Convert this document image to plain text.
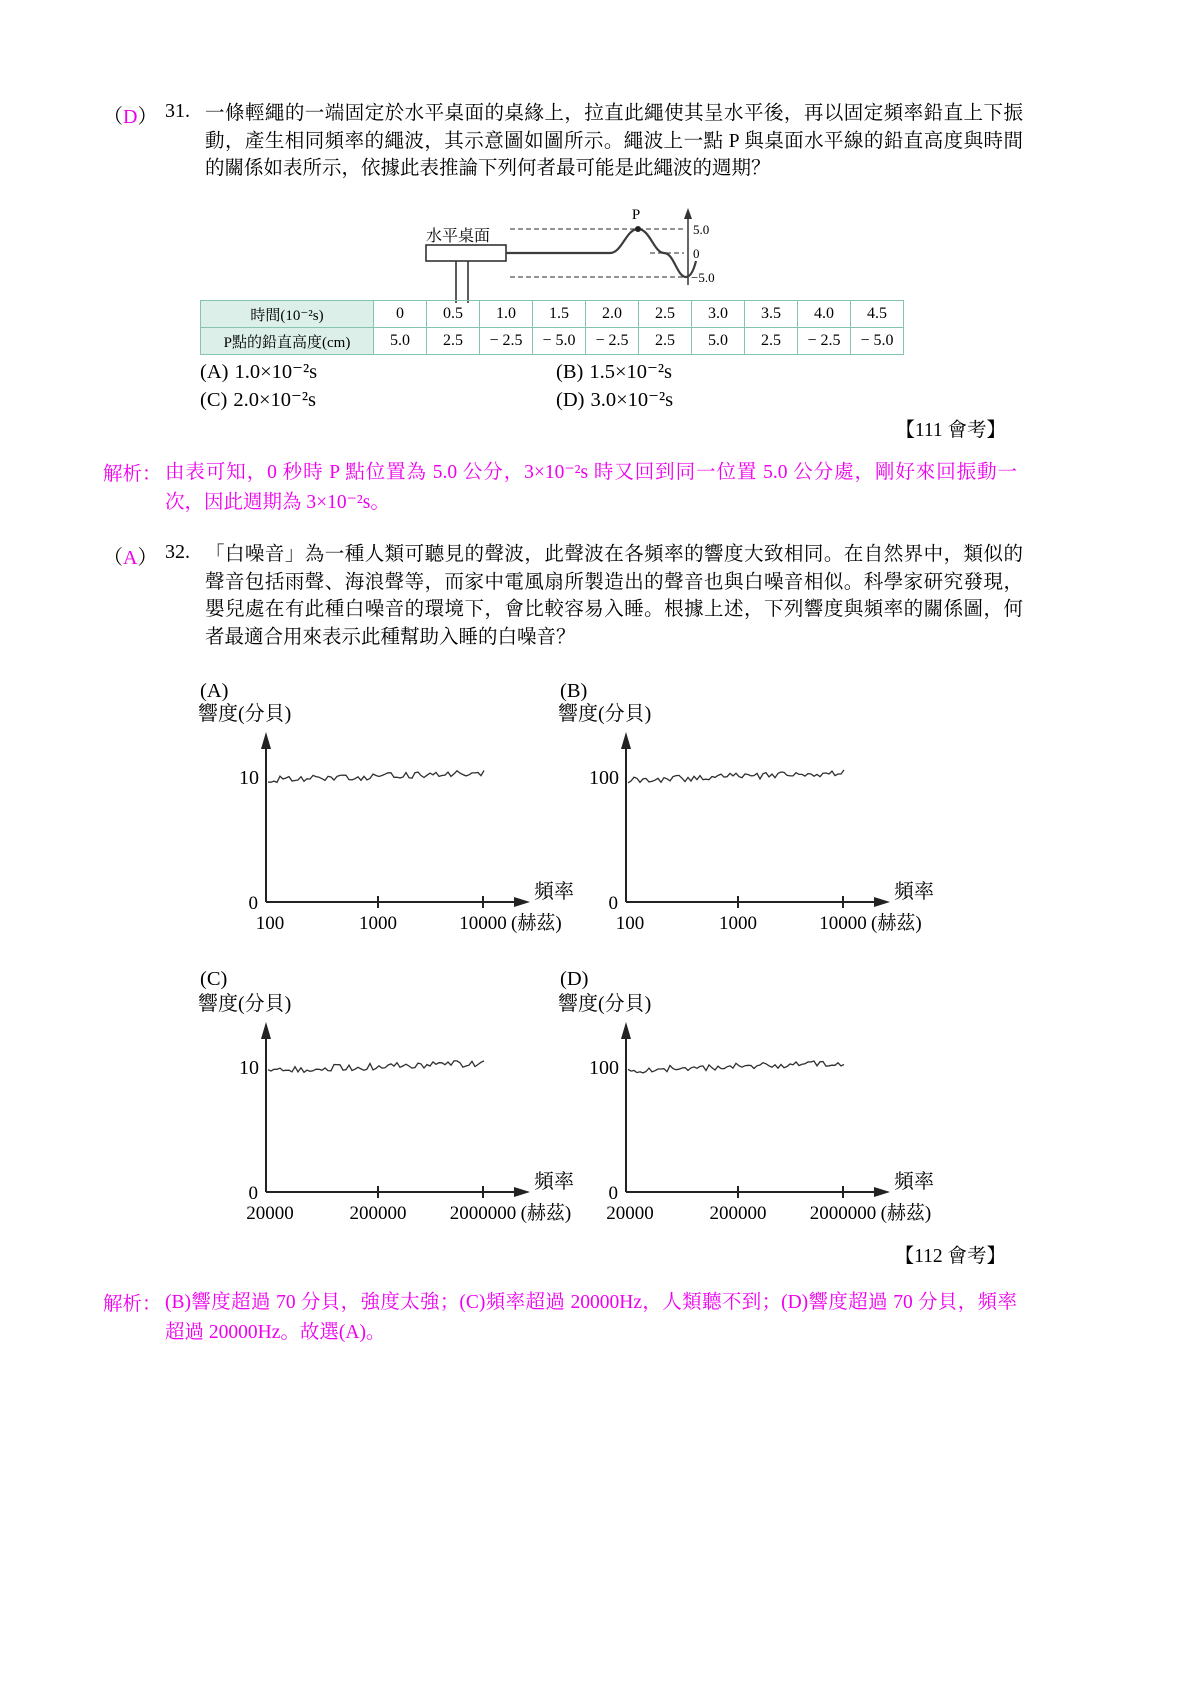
（D） 31. 一條輕繩的一端固定於水平桌面的桌緣上，拉直此繩使其呈水平後，再以固定頻率鉛直上下振動，產生相同頻率的繩波，其示意圖如圖所示。繩波上一點 P 與桌面水平線的鉛直高度與時間的關係如表所示，依據此表推論下列何者最可能是此繩波的週期？
P
水平桌面	5.0
0
−5.0
時間(10⁻²s)	0	0.5	1.0	1.5	2.0	2.5	3.0	3.5	4.0	4.5
P點的鉛直高度(cm)	5.0	2.5	− 2.5	− 5.0	− 2.5	2.5	5.0	2.5	− 2.5	− 5.0
(A) 1.0×10⁻²s	(B) 1.5×10⁻²s
(C) 2.0×10⁻²s	(D) 3.0×10⁻²s
【111 會考】
解析： 由表可知，0 秒時 P 點位置為 5.0 公分，3×10⁻²s 時又回到同一位置 5.0 公分處，剛好來回振動一次，因此週期為 3×10⁻²s。
（A） 32. 「白噪音」為一種人類可聽見的聲波，此聲波在各頻率的響度大致相同。在自然界中，類似的聲音包括雨聲、海浪聲等，而家中電風扇所製造出的聲音也與白噪音相似。科學家研究發現，嬰兒處在有此種白噪音的環境下，會比較容易入睡。根據上述，下列響度與頻率的關係圖，何者最適合用來表示此種幫助入睡的白噪音？
(A)
響度(分貝)
0
10
100	1000	10000 (赫茲)
頻率
(B)
響度(分貝)
0
100
100	1000	10000 (赫茲)
頻率
(C)
響度(分貝)
0
10
20000	200000 2000000 (赫茲)
頻率
(D)
響度(分貝)
0
100
20000	200000 2000000 (赫茲)
頻率
【112 會考】
解析： (B)響度超過 70 分貝，強度太強；(C)頻率超過 20000Hz，人類聽不到；(D)響度超過 70 分貝，頻率超過 20000Hz。故選(A)。
